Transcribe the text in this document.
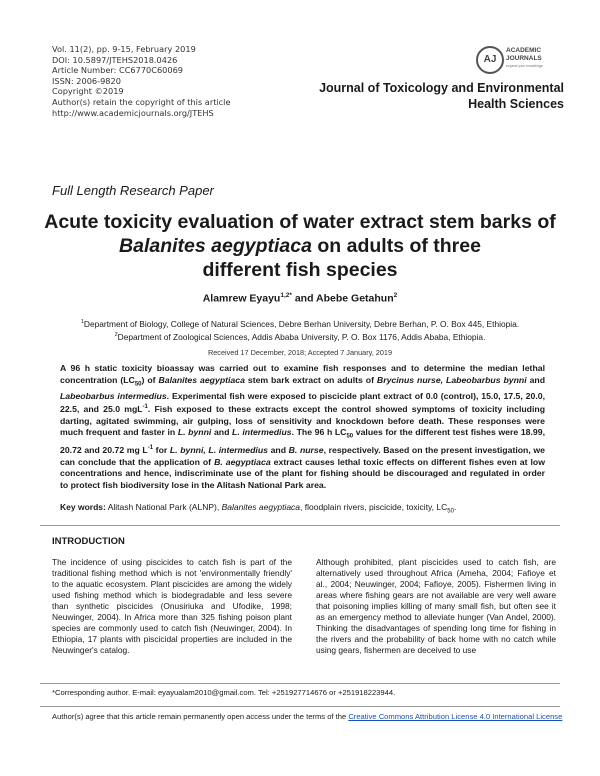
Vol. 11(2), pp. 9-15, February 2019
DOI: 10.5897/JTEHS2018.0426
Article Number: CC6770C60069
ISSN: 2006-9820
Copyright ©2019
Author(s) retain the copyright of this article
http://www.academicjournals.org/JTEHS
AJ
ACADEMIC
JOURNALS
expand your knowledge
Journal of Toxicology and Environmental
Health Sciences
Full Length Research Paper
Acute toxicity evaluation of water extract stem barks of
Balanites aegyptiaca on adults of three
different fish species
Alamrew Eyayu$^{1,2*}$ and Abebe Getahun$^2$
$^1$Department of Biology, College of Natural Sciences, Debre Berhan University, Debre Berhan, P. O. Box 445, Ethiopia.
$^2$Department of Zoological Sciences, Addis Ababa University, P. O. Box 1176, Addis Ababa, Ethiopia.
Received 17 December, 2018; Accepted 7 January, 2019
A 96 h static toxicity bioassay was carried out to examine fish responses and to determine the median lethal concentration $(LC_{50})$ of Balanites aegyptiaca stem bark extract on adults of Brycinus nurse, Labeobarbus bynni and Labeobarbus intermedius. Experimental fish were exposed to piscicide plant extract of 0.0 (control), 15.0, 17.5, 20.0, 22.5, and 25.0 mgL$^{-1}$. Fish exposed to these extracts except the control showed symptoms of toxicity including darting, agitated swimming, air gulping, loss of sensitivity and knockdown before death. These responses were much frequent and faster in L. bynni and L. intermedius. The 96 h $LC_{50}$ values for the different test fishes were 18.99, 20.72 and 20.72 mg $L^{-1}$ for L. bynni, L. intermedius and B. nurse, respectively. Based on the present investigation, we can conclude that the application of B. aegyptiaca extract causes lethal toxic effects on different fishes even at low concentrations and hence, indiscriminate use of the plant for fishing should be discouraged and regulated in order to protect fish biodiversity lose in the Alitash National Park area.
Key words: Alitash National Park (ALNP), Balanites aegyptiaca, floodplain rivers, piscicide, toxicity, $LC_{50}$.
INTRODUCTION
The incidence of using piscicides to catch fish is part of the traditional fishing method which is not 'environmentally friendly' to the aquatic ecosystem. Plant piscicides are among the widely used fishing method which is biodegradable and less severe than synthetic piscicides (Onusiriuka and Ufodike, 1998; Neuwinger, 2004). In Africa more than 325 fishing poison plant species are commonly used to catch fish (Neuwinger, 2004). In Ethiopia, 17 plants with piscicidal properties are included in the Neuwinger's catalog.
Although prohibited, plant piscicides used to catch fish, are alternatively used throughout Africa (Ameha, 2004; Fafioye et al., 2004; Neuwinger, 2004; Fafioye, 2005). Fishermen living in areas where fishing gears are not available are very well aware that poisoning implies killing of many small fish, but often see it as an emergency method to alleviate hunger (Van Andel, 2000). Thinking the disadvantages of spending long time for fishing in the rivers and the probability of back home with no catch while using gears, fishermen are deceived to use
*Corresponding author. E-mail: eyayualam2010@gmail.com. Tel: +251927714676 or +251918223944.
Author(s) agree that this article remain permanently open access under the terms of the Creative Commons Attribution License 4.0 International License
